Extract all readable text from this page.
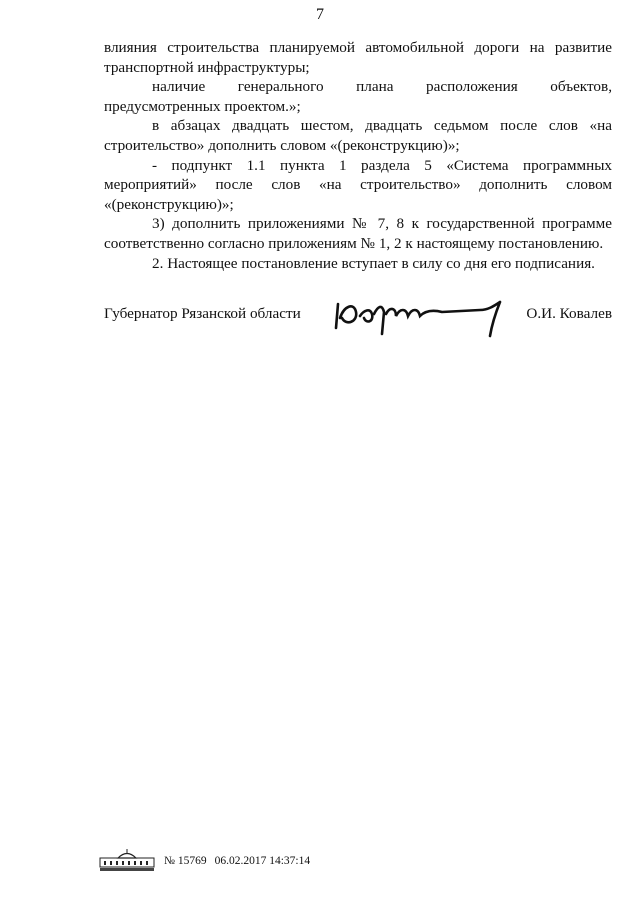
7

влияния строительства планируемой автомобильной дороги на развитие транспортной инфраструктуры;

наличие генерального плана расположения объектов, предусмотренных проектом.»;

в абзацах двадцать шестом, двадцать седьмом после слов «на строительство» дополнить словом «(реконструкцию)»;

- подпункт 1.1 пункта 1 раздела 5 «Система программных мероприятий» после слов «на строительство» дополнить словом «(реконструкцию)»;

3) дополнить приложениями № 7, 8 к государственной программе соответственно согласно приложениям № 1, 2 к настоящему постановлению.

2. Настоящее постановление вступает в силу со дня его подписания.

Губернатор Рязанской области	О.И. Ковалев
№ 15769 06.02.2017 14:37:14
